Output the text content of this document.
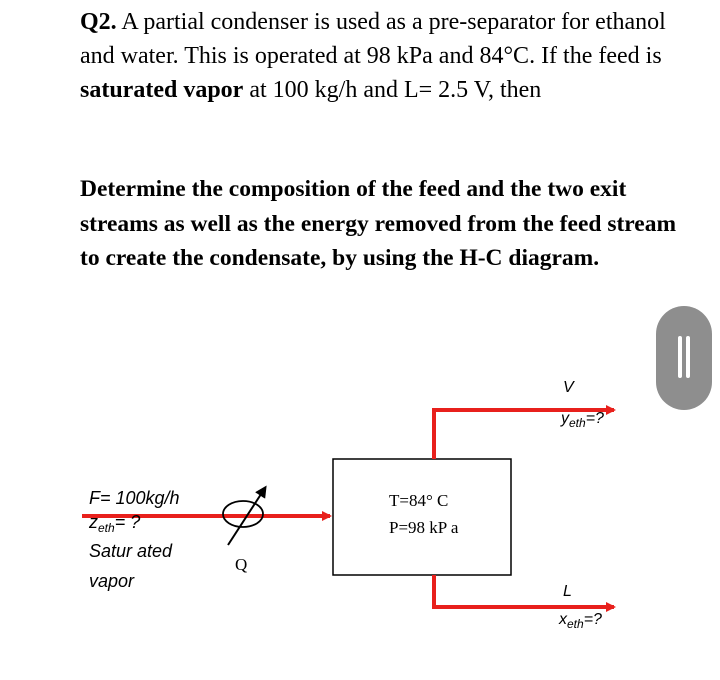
Q2. A partial condenser is used as a pre-separator for ethanol and water. This is operated at 98 kPa and 84°C. If the feed is saturated vapor at 100 kg/h and L= 2.5 V, then
Determine the composition of the feed and the two exit streams as well as the energy removed from the feed stream to create the condensate, by using the H-C diagram.
F= 100kg/h
$z_{eth}=$ ?
Satur ated
vapor
Q
T=84° C
P=98 kP a
V
$y_{eth}=$?
L
$x_{eth}=$?
